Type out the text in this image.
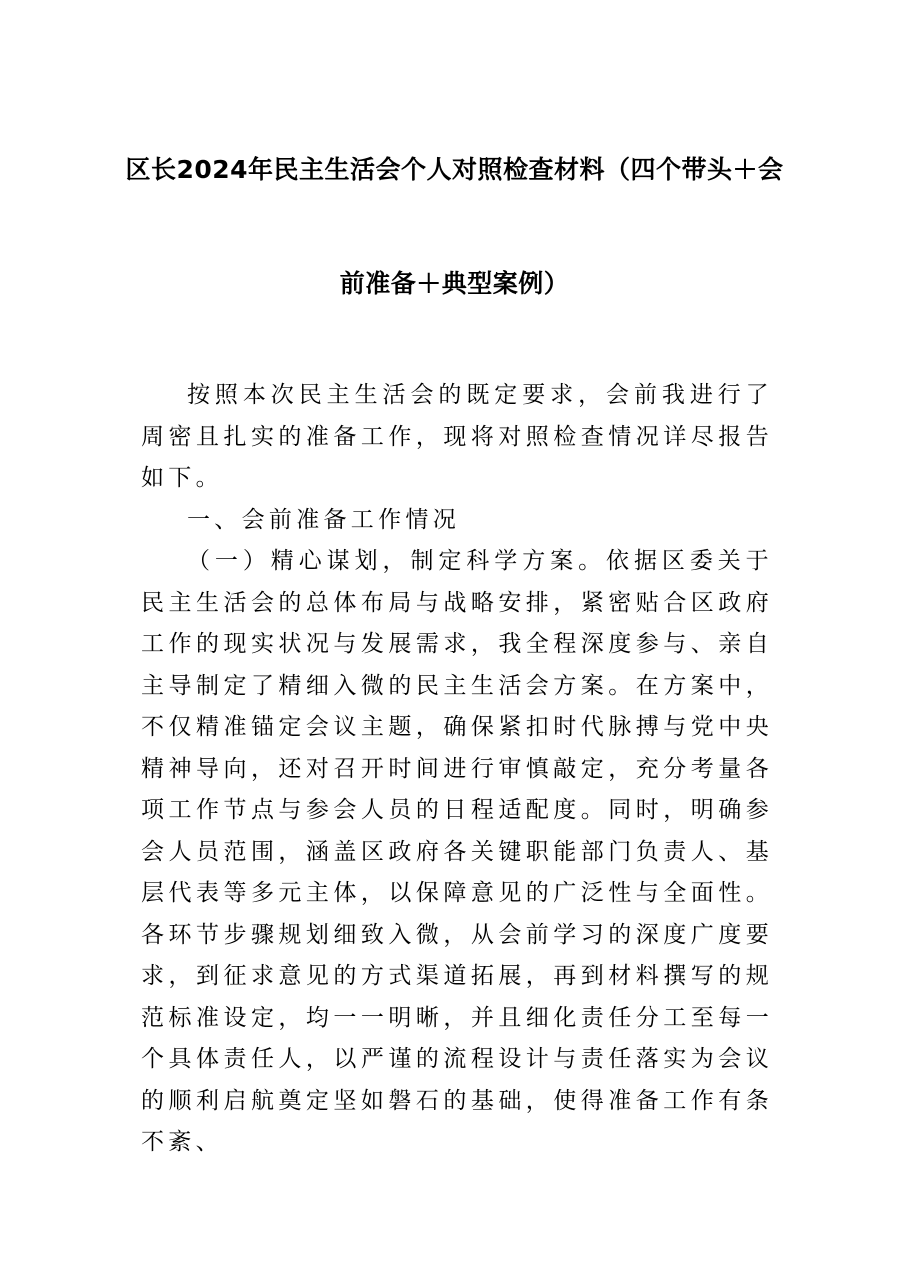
区长2024年民主生活会个人对照检查材料（四个带头＋会
前准备＋典型案例）

按照本次民主生活会的既定要求，会前我进行了周密且扎实的准备工作，现将对照检查情况详尽报告如下。

一、会前准备工作情况

（一）精心谋划，制定科学方案。依据区委关于民主生活会的总体布局与战略安排，紧密贴合区政府工作的现实状况与发展需求，我全程深度参与、亲自主导制定了精细入微的民主生活会方案。在方案中，不仅精准锚定会议主题，确保紧扣时代脉搏与党中央精神导向，还对召开时间进行审慎敲定，充分考量各项工作节点与参会人员的日程适配度。同时，明确参会人员范围，涵盖区政府各关键职能部门负责人、基层代表等多元主体，以保障意见的广泛性与全面性。各环节步骤规划细致入微，从会前学习的深度广度要求，到征求意见的方式渠道拓展，再到材料撰写的规范标准设定，均一一明晰，并且细化责任分工至每一个具体责任人，以严谨的流程设计与责任落实为会议的顺利启航奠定坚如磐石的基础，使得准备工作有条不紊、
